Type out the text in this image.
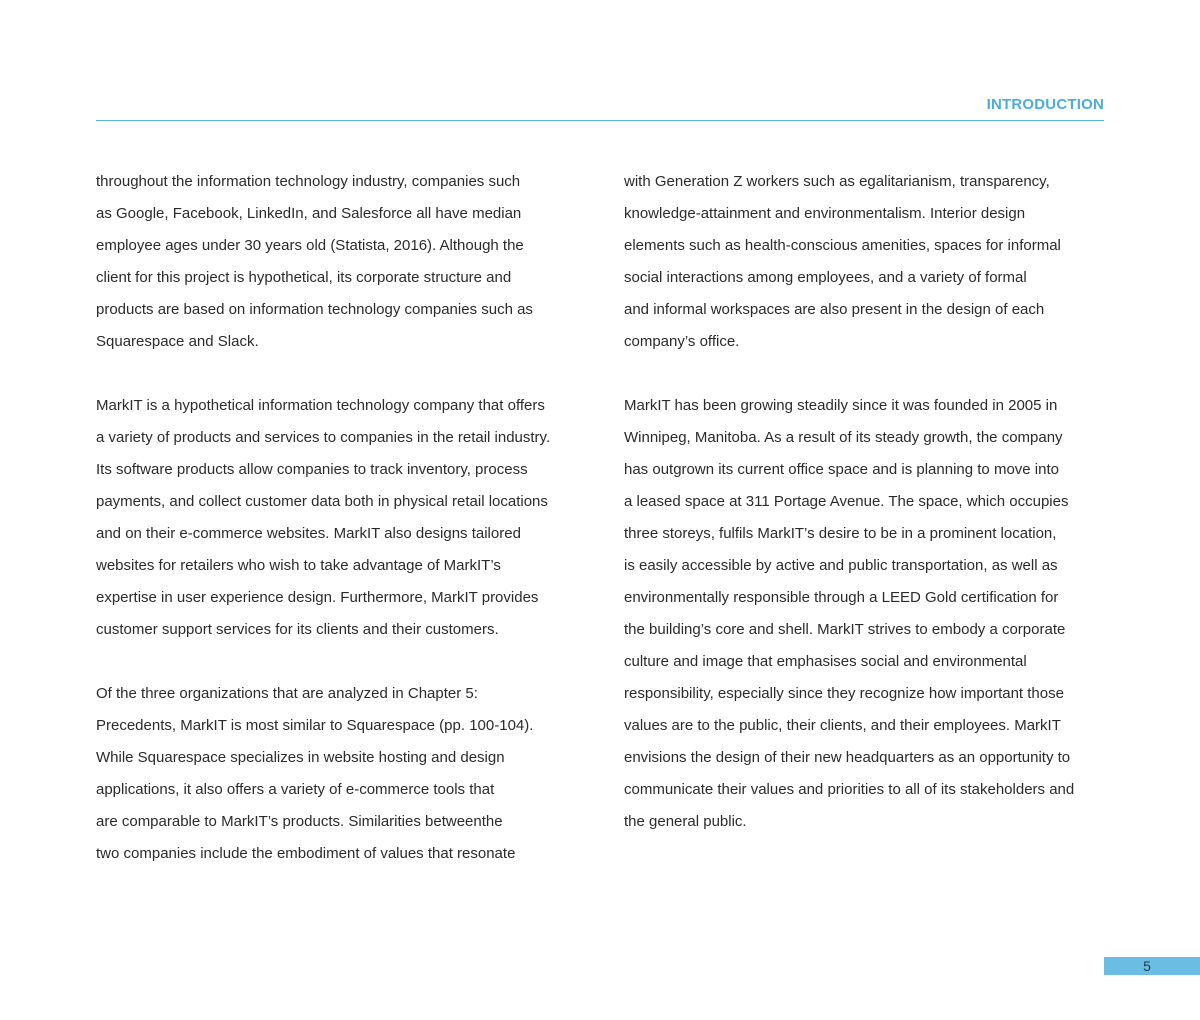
INTRODUCTION

throughout the information technology industry, companies such
as Google, Facebook, LinkedIn, and Salesforce all have median
employee ages under 30 years old (Statista, 2016). Although the
client for this project is hypothetical, its corporate structure and
products are based on information technology companies such as
Squarespace and Slack.

MarkIT is a hypothetical information technology company that offers
a variety of products and services to companies in the retail industry.
Its software products allow companies to track inventory, process
payments, and collect customer data both in physical retail locations
and on their e-commerce websites. MarkIT also designs tailored
websites for retailers who wish to take advantage of MarkIT’s
expertise in user experience design. Furthermore, MarkIT provides
customer support services for its clients and their customers.

Of the three organizations that are analyzed in Chapter 5:
Precedents, MarkIT is most similar to Squarespace (pp. 100-104).
While Squarespace specializes in website hosting and design
applications, it also offers a variety of e-commerce tools that
are comparable to MarkIT’s products. Similarities betweenthe
two companies include the embodiment of values that resonate

with Generation Z workers such as egalitarianism, transparency,
knowledge-attainment and environmentalism. Interior design
elements such as health-conscious amenities, spaces for informal
social interactions among employees, and a variety of formal
and informal workspaces are also present in the design of each
company’s office.

MarkIT has been growing steadily since it was founded in 2005 in
Winnipeg, Manitoba. As a result of its steady growth, the company
has outgrown its current office space and is planning to move into
a leased space at 311 Portage Avenue. The space, which occupies
three storeys, fulfils MarkIT’s desire to be in a prominent location,
is easily accessible by active and public transportation, as well as
environmentally responsible through a LEED Gold certification for
the building’s core and shell. MarkIT strives to embody a corporate
culture and image that emphasises social and environmental
responsibility, especially since they recognize how important those
values are to the public, their clients, and their employees. MarkIT
envisions the design of their new headquarters as an opportunity to
communicate their values and priorities to all of its stakeholders and
the general public.

5
